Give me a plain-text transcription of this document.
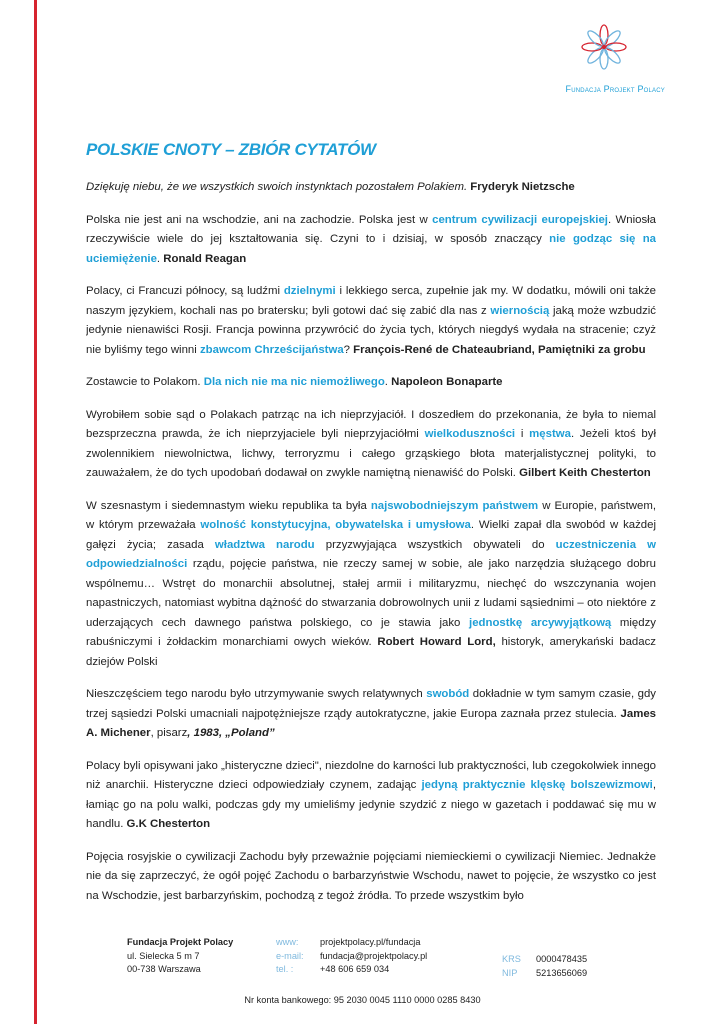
Fundacja Projekt Polacy
POLSKIE CNOTY – ZBIÓR CYTATÓW

Dziękuję niebu, że we wszystkich swoich instynktach pozostałem Polakiem. Fryderyk Nietzsche

Polska nie jest ani na wschodzie, ani na zachodzie. Polska jest w centrum cywilizacji europejskiej. Wniosła rzeczywiście wiele do jej kształtowania się. Czyni to i dzisiaj, w sposób znaczący nie godząc się na uciemiężenie. Ronald Reagan

Polacy, ci Francuzi północy, są ludźmi dzielnymi i lekkiego serca, zupełnie jak my. W dodatku, mówili oni także naszym językiem, kochali nas po bratersku; byli gotowi dać się zabić dla nas z wiernością jaką może wzbudzić jedynie nienawiści Rosji. Francja powinna przywrócić do życia tych, których niegdyś wydała na stracenie; czyż nie byliśmy tego winni zbawcom Chrześcijaństwa? François-René de Chateaubriand, Pamiętniki za grobu

Zostawcie to Polakom. Dla nich nie ma nic niemożliwego. Napoleon Bonaparte

Wyrobiłem sobie sąd o Polakach patrząc na ich nieprzyjaciół. I doszedłem do przekonania, że była to niemal bezsprzeczna prawda, że ich nieprzyjaciele byli nieprzyjaciółmi wielkoduszności i męstwa. Jeżeli ktoś był zwolennikiem niewolnictwa, lichwy, terroryzmu i całego grząskiego błota materjalistycznej polityki, to zauważałem, że do tych upodobań dodawał on zwykle namiętną nienawiść do Polski. Gilbert Keith Chesterton

W szesnastym i siedemnastym wieku republika ta była najswobodniejszym państwem w Europie, państwem, w którym przeważała wolność konstytucyjna, obywatelska i umysłowa. Wielki zapał dla swobód w każdej gałęzi życia; zasada władztwa narodu przyzwyjająca wszystkich obywateli do uczestniczenia w odpowiedzialności rządu, pojęcie państwa, nie rzeczy samej w sobie, ale jako narzędzia służącego dobru wspólnemu… Wstręt do monarchii absolutnej, stałej armii i militaryzmu, niechęć do wszczynania wojen napastniczych, natomiast wybitna dążność do stwarzania dobrowolnych unii z ludami sąsiednimi – oto niektóre z uderzających cech dawnego państwa polskiego, co je stawia jako jednostkę arcywyjątkową między rabuśniczymi i żołdackim monarchiami owych wieków. Robert Howard Lord, historyk, amerykański badacz dziejów Polski

Nieszczęściem tego narodu było utrzymywanie swych relatywnych swobód dokładnie w tym samym czasie, gdy trzej sąsiedzi Polski umacniali najpotężniejsze rządy autokratyczne, jakie Europa zaznała przez stulecia. James A. Michener, pisarz, 1983, „Poland”

Polacy byli opisywani jako „histeryczne dzieci", niezdolne do karności lub praktyczności, lub czegokolwiek innego niż anarchii. Histeryczne dzieci odpowiedziały czynem, zadając jedyną praktycznie klęskę bolszewizmowi, łamiąc go na polu walki, podczas gdy my umieliśmy jedynie szydzić z niego w gazetach i poddawać się mu w handlu. G.K Chesterton

Pojęcia rosyjskie o cywilizacji Zachodu były przeważnie pojęciami niemieckiemi o cywilizacji Niemiec. Jednakże nie da się zaprzeczyć, że ogół pojęć Zachodu o barbarzyństwie Wschodu, nawet to pojęcie, że wszystko co jest na Wschodzie, jest barbarzyńskim, pochodzą z tegoż źródła. To przede wszystkim było

Fundacja Projekt Polacy
ul. Sielecka 5 m 7
00-738 Warszawa
www:
e-mail:
tel. :
projektpolacy.pl/fundacja
fundacja@projektpolacy.pl
+48 606 659 034
KRS
NIP
0000478435
5213656069
Nr konta bankowego: 95 2030 0045 1110 0000 0285 8430
